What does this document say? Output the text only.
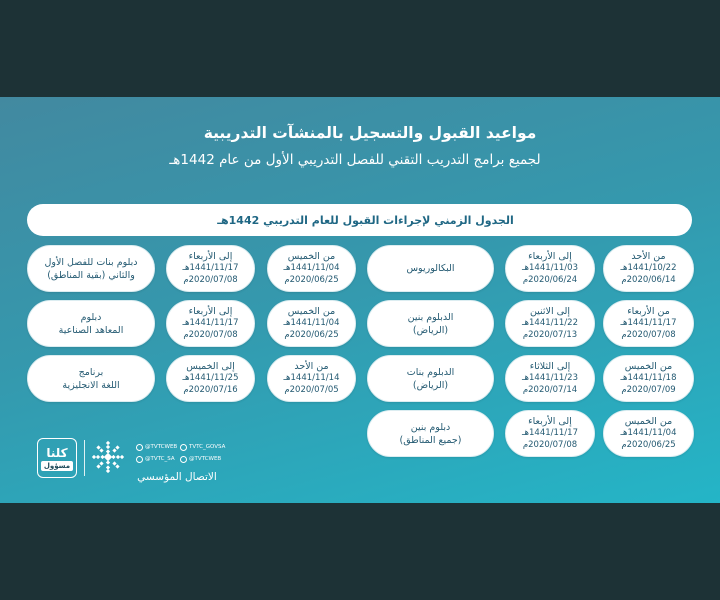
مواعيد القبول والتسجيل بالمنشآت التدريبية
لجميع برامج التدريب التقني للفصل التدريبي الأول من عام 1442هـ
الجدول الزمني لإجراءات القبول للعام التدريبي 1442هـ
من الأحد
1441/10/22هـ
2020/06/14م
إلى الأربعاء
1441/11/03هـ
2020/06/24م
البكالوريوس
من الأربعاء
1441/11/17هـ
2020/07/08م
إلى الاثنين
1441/11/22هـ
2020/07/13م
الدبلوم بنين
(الرياض)
من الخميس
1441/11/18هـ
2020/07/09م
إلى الثلاثاء
1441/11/23هـ
2020/07/14م
الدبلوم بنات
(الرياض)
من الخميس
1441/11/04هـ
2020/06/25م
إلى الأربعاء
1441/11/17هـ
2020/07/08م
دبلوم بنين
(جميع المناطق)
من الخميس
1441/11/04هـ
2020/06/25م
إلى الأربعاء
1441/11/17هـ
2020/07/08م
دبلوم بنات للفصل الأول
والثاني (بقية المناطق)
من الخميس
1441/11/04هـ
2020/06/25م
إلى الأربعاء
1441/11/17هـ
2020/07/08م
دبلوم
المعاهد الصناعية
من الأحد
1441/11/14هـ
2020/07/05م
إلى الخميس
1441/11/25هـ
2020/07/16م
برنامج
اللغة الانجليزية
كلنا
مسؤول
@TVTCWEB TVTC_GOVSA
@TVTC_SA	@TVTCWEB
الاتصال المؤسسي
